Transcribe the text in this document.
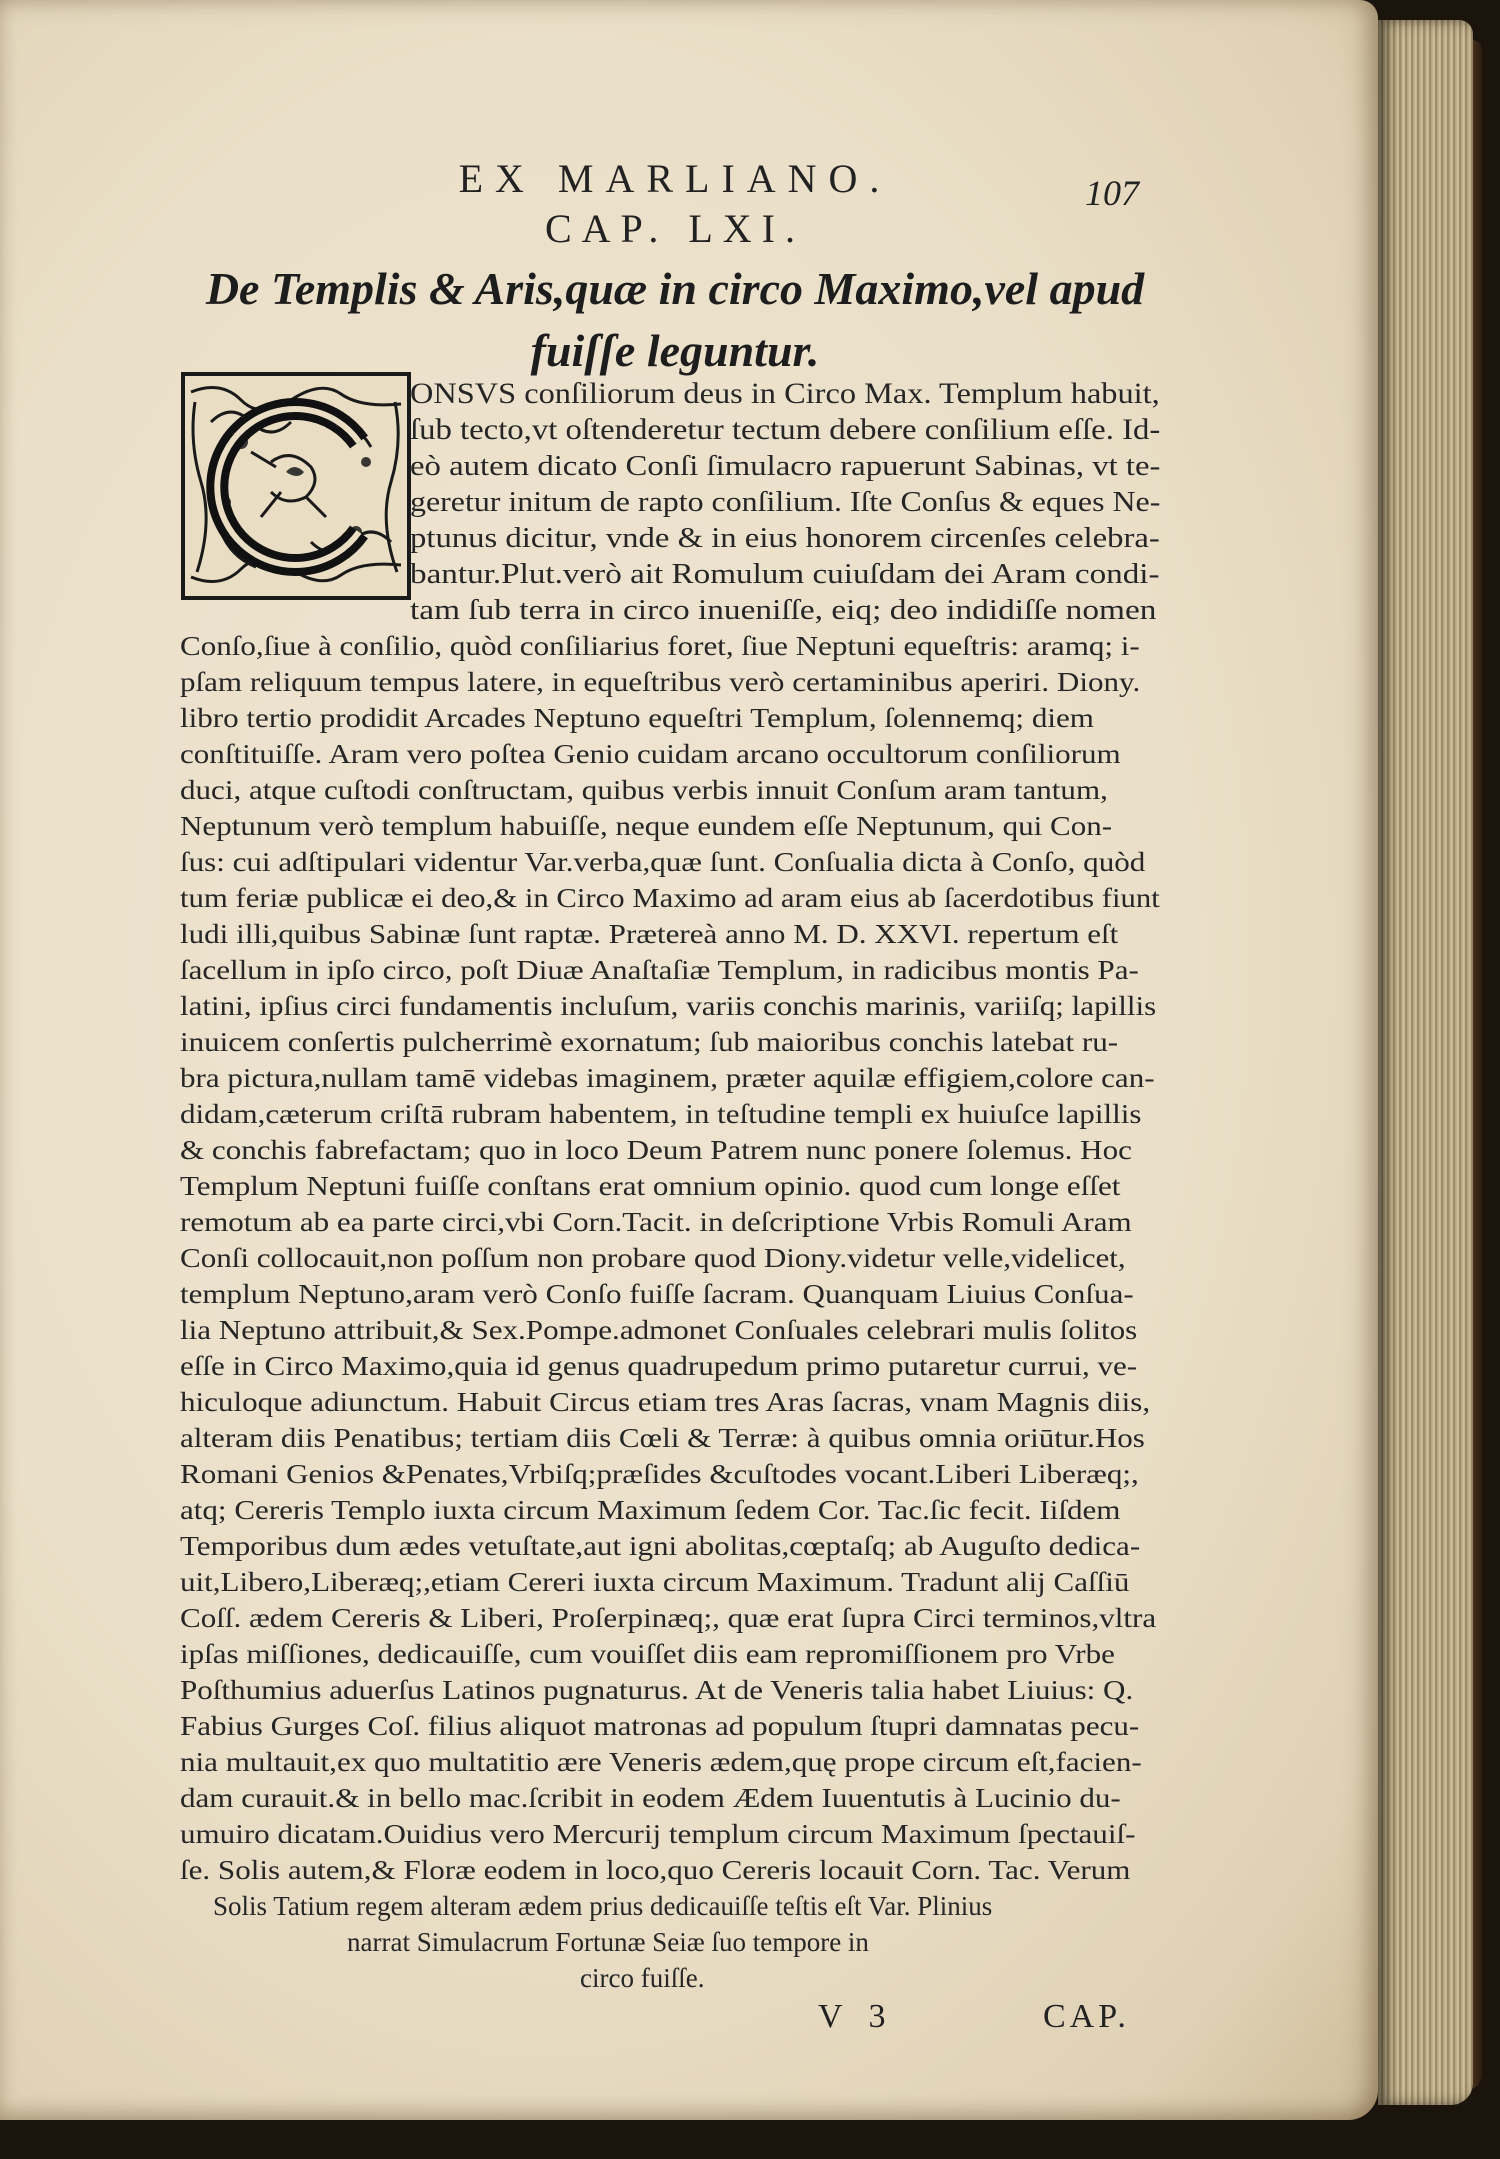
EX MARLIANO.	107
CAP. LXI.
De Templis & Aris,quæ in circo Maximo,vel apud
fuiſſe leguntur.
ONSVS conſiliorum deus in Circo Max. Templum habuit,
ſub tecto,vt oſtenderetur tectum debere conſilium eſſe. Id-
eò autem dicato Conſi ſimulacro rapuerunt Sabinas, vt te-
geretur initum de rapto conſilium. Iſte Conſus & eques Ne-
ptunus dicitur, vnde & in eius honorem circenſes celebra-
bantur.Plut.verò ait Romulum cuiuſdam dei Aram condi-
tam ſub terra in circo inueniſſe, eiq; deo indidiſſe nomen
Conſo,ſiue à conſilio, quòd conſiliarius foret, ſiue Neptuni equeſtris: aramq; i-
pſam reliquum tempus latere, in equeſtribus verò certaminibus aperiri. Diony.
libro tertio prodidit Arcades Neptuno equeſtri Templum, ſolennemq; diem
conſtituiſſe. Aram vero poſtea Genio cuidam arcano occultorum conſiliorum
duci, atque cuſtodi conſtructam, quibus verbis innuit Conſum aram tantum,
Neptunum verò templum habuiſſe, neque eundem eſſe Neptunum, qui Con-
ſus: cui adſtipulari videntur Var.verba,quæ ſunt. Conſualia dicta à Conſo, quòd
tum feriæ publicæ ei deo,& in Circo Maximo ad aram eius ab ſacerdotibus fiunt
ludi illi,quibus Sabinæ ſunt raptæ. Prætereà anno M. D. XXVI. repertum eſt
ſacellum in ipſo circo, poſt Diuæ Anaſtaſiæ Templum, in radicibus montis Pa-
latini, ipſius circi fundamentis incluſum, variis conchis marinis, variiſq; lapillis
inuicem conſertis pulcherrimè exornatum; ſub maioribus conchis latebat ru-
bra pictura,nullam tamē videbas imaginem, præter aquilæ effigiem,colore can-
didam,cæterum criſtā rubram habentem, in teſtudine templi ex huiuſce lapillis
& conchis fabrefactam; quo in loco Deum Patrem nunc ponere ſolemus. Hoc
Templum Neptuni fuiſſe conſtans erat omnium opinio. quod cum longe eſſet
remotum ab ea parte circi,vbi Corn.Tacit. in deſcriptione Vrbis Romuli Aram
Conſi collocauit,non poſſum non probare quod Diony.videtur velle,videlicet,
templum Neptuno,aram verò Conſo fuiſſe ſacram. Quanquam Liuius Conſua-
lia Neptuno attribuit,& Sex.Pompe.admonet Conſuales celebrari mulis ſolitos
eſſe in Circo Maximo,quia id genus quadrupedum primo putaretur currui, ve-
hiculoque adiunctum. Habuit Circus etiam tres Aras ſacras, vnam Magnis diis,
alteram diis Penatibus; tertiam diis Cœli & Terræ: à quibus omnia oriūtur.Hos
Romani Genios &Penates,Vrbiſq;præſides &cuſtodes vocant.Liberi Liberæq;,
atq; Cereris Templo iuxta circum Maximum ſedem Cor. Tac.ſic fecit. Iiſdem
Temporibus dum ædes vetuſtate,aut igni abolitas,cœptaſq; ab Auguſto dedica-
uit,Libero,Liberæq;,etiam Cereri iuxta circum Maximum. Tradunt alij Caſſiū
Coſſ. ædem Cereris & Liberi, Proſerpinæq;, quæ erat ſupra Circi terminos,vltra
ipſas miſſiones, dedicauiſſe, cum vouiſſet diis eam repromiſſionem pro Vrbe
Poſthumius aduerſus Latinos pugnaturus. At de Veneris talia habet Liuius: Q.
Fabius Gurges Coſ. filius aliquot matronas ad populum ſtupri damnatas pecu-
nia multauit,ex quo multatitio ære Veneris ædem,quę prope circum eſt,facien-
dam curauit.& in bello mac.ſcribit in eodem Ædem Iuuentutis à Lucinio du-
umuiro dicatam.Ouidius vero Mercurij templum circum Maximum ſpectauiſ-
ſe. Solis autem,& Floræ eodem in loco,quo Cereris locauit Corn. Tac. Verum
Solis Tatium regem alteram ædem prius dedicauiſſe teſtis eſt Var. Plinius
narrat Simulacrum Fortunæ Seiæ ſuo tempore in
circo fuiſſe.
V 3	CAP.
